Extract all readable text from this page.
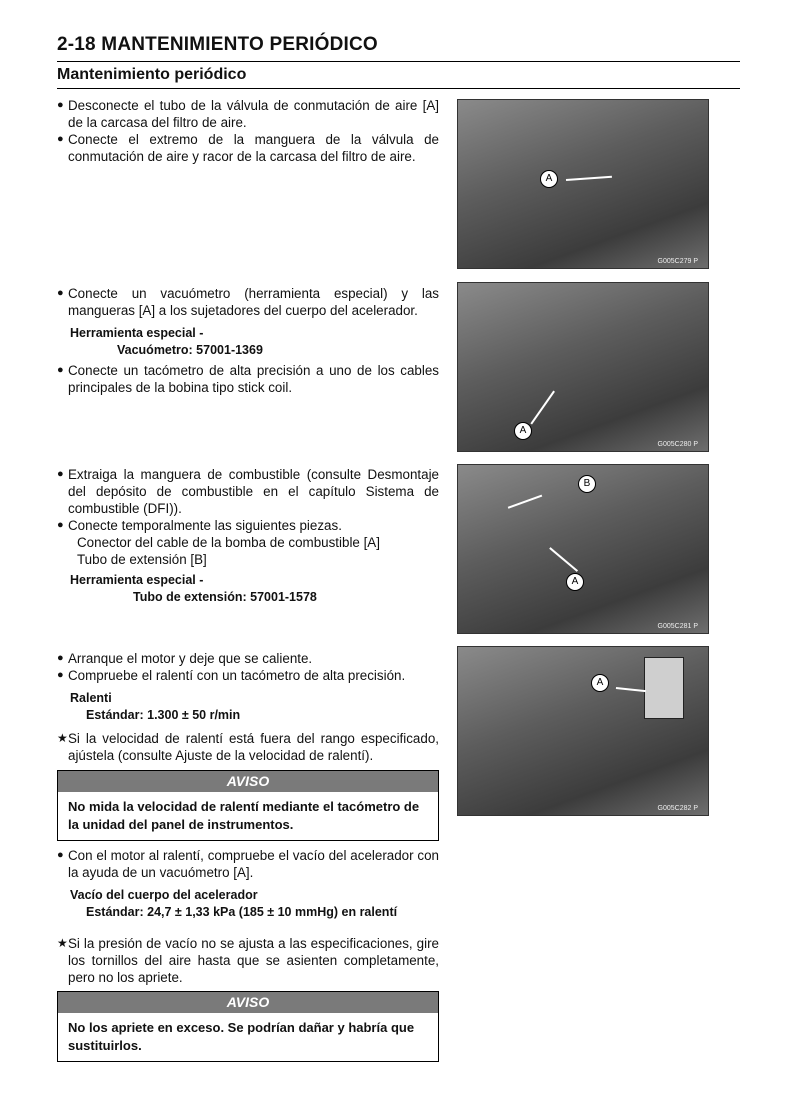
2-18 MANTENIMIENTO PERIÓDICO
Mantenimiento periódico
● Desconecte el tubo de la válvula de conmutación de aire [A] de la carcasa del filtro de aire.
● Conecte el extremo de la manguera de la válvula de conmutación de aire y racor de la carcasa del filtro de aire.
● Conecte un vacuómetro (herramienta especial) y las mangueras [A] a los sujetadores del cuerpo del acelerador.
Herramienta especial -
Vacuómetro: 57001-1369
● Conecte un tacómetro de alta precisión a uno de los cables principales de la bobina tipo stick coil.
● Extraiga la manguera de combustible (consulte Desmontaje del depósito de combustible en el capítulo Sistema de combustible (DFI)).
● Conecte temporalmente las siguientes piezas.
Conector del cable de la bomba de combustible [A]
Tubo de extensión [B]
Herramienta especial -
Tubo de extensión: 57001-1578
● Arranque el motor y deje que se caliente.
● Compruebe el ralentí con un tacómetro de alta precisión.
Ralenti
Estándar: 1.300 ± 50 r/min
★ Si la velocidad de ralentí está fuera del rango especificado, ajústela (consulte Ajuste de la velocidad de ralentí).
AVISO
No mida la velocidad de ralentí mediante el tacómetro de la unidad del panel de instrumentos.
● Con el motor al ralentí, compruebe el vacío del acelerador con la ayuda de un vacuómetro [A].
Vacío del cuerpo del acelerador
Estándar: 24,7 ± 1,33 kPa (185 ± 10 mmHg) en ralentí
★ Si la presión de vacío no se ajusta a las especificaciones, gire los tornillos del aire hasta que se asienten completamente, pero no los apriete.
AVISO
No los apriete en exceso. Se podrían dañar y habría que sustituirlos.
A
G005C279 P
A
G005C280 P
B
A
G005C281 P
A
G005C282 P
